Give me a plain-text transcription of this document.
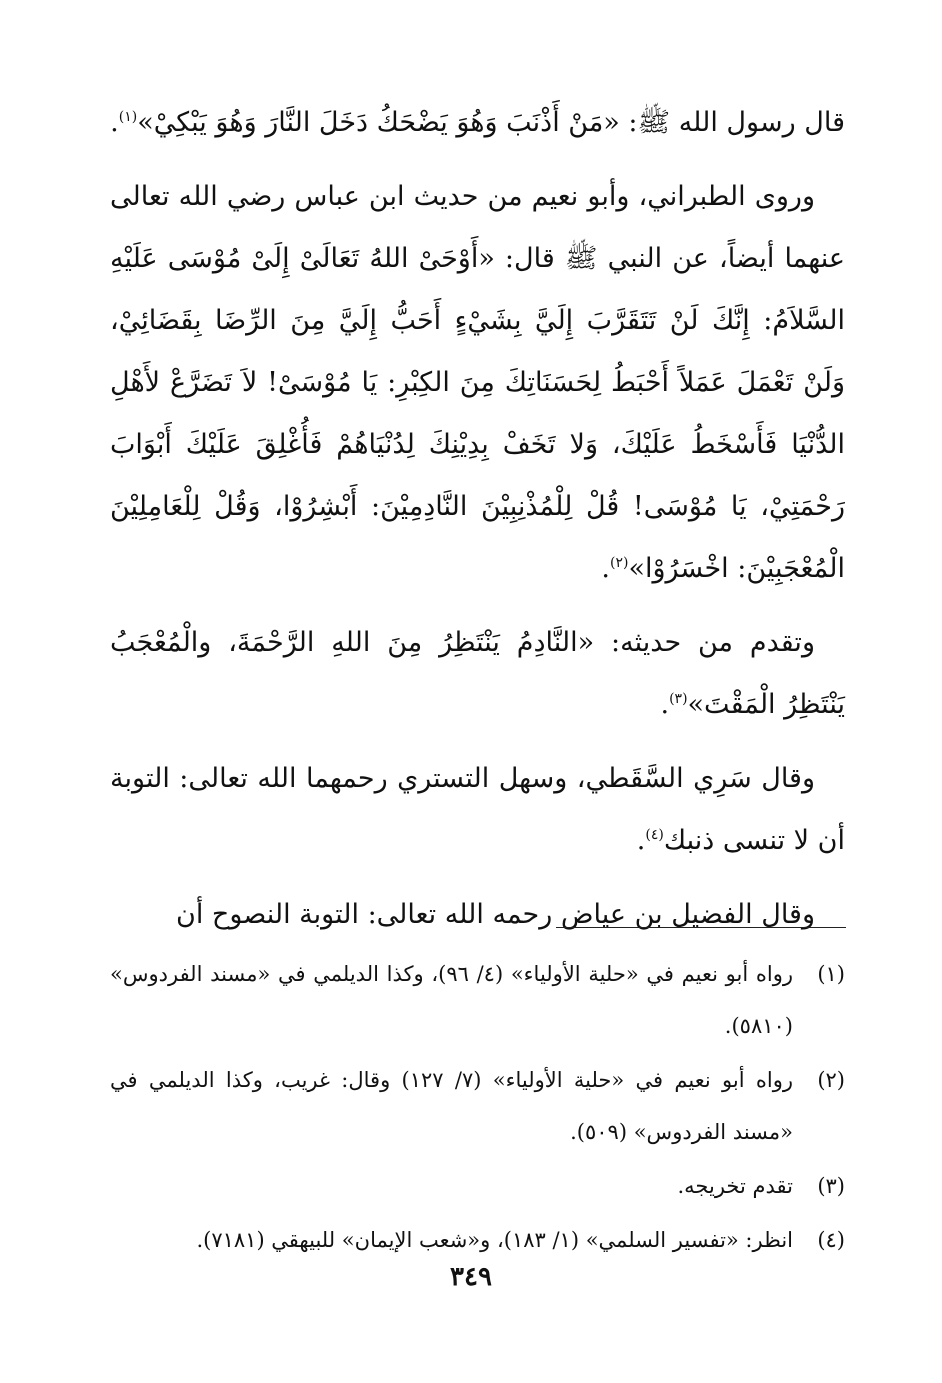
قال رسول الله ﷺ: «مَنْ أَذْنَبَ وَهُوَ يَضْحَكُ دَخَلَ النَّارَ وَهُوَ يَبْكِيْ»$^{(١)}$.

وروى الطبراني، وأبو نعيم من حديث ابن عباس رضي الله تعالى عنهما أيضاً، عن النبي ﷺ قال: «أَوْحَىْ اللهُ تَعَالَىْ إِلَىْ مُوْسَى عَلَيْهِ السَّلاَمُ: إِنَّكَ لَنْ تَتَقَرَّبَ إِلَيَّ بِشَيْءٍ أَحَبُّ إِلَيَّ مِنَ الرِّضَا بِقَضَائِيْ، وَلَنْ تَعْمَلَ عَمَلاً أَحْبَطُ لِحَسَنَاتِكَ مِنَ الكِبْرِ: يَا مُوْسَىْ! لاَ تَضَرَّعْ لأَهْلِ الدُّنْيَا فَأَسْخَطُ عَلَيْكَ، وَلا تَخَفْ بِدِيْنِكَ لِدُنْيَاهُمْ فَأُغْلِقَ عَلَيْكَ أَبْوَابَ رَحْمَتِيْ، يَا مُوْسَى! قُلْ لِلْمُذْنِبِيْنَ النَّادِمِيْنَ: أَبْشِرُوْا، وَقُلْ لِلْعَامِلِيْنَ الْمُعْجَبِيْنَ: اخْسَرُوْا»$^{(٢)}$.

وتقدم من حديثه: «النَّادِمُ يَنْتَظِرُ مِنَ اللهِ الرَّحْمَةَ، والْمُعْجَبُ يَنْتَظِرُ الْمَقْتَ»$^{(٣)}$.

وقال سَرِي السَّقَطي، وسهل التستري رحمهما الله تعالى: التوبة أن لا تنسى ذنبك$^{(٤)}$.

وقال الفضيل بن عياض رحمه الله تعالى: التوبة النصوح أن

(١)
رواه أبو نعيم في «حلية الأولياء» (٤/ ٩٦)، وكذا الديلمي في «مسند الفردوس» (٥٨١٠).
(٢)
رواه أبو نعيم في «حلية الأولياء» (٧/ ١٢٧) وقال: غريب، وكذا الديلمي في «مسند الفردوس» (٥٠٩).
(٣)
تقدم تخريجه.
(٤)
انظر: «تفسير السلمي» (١/ ١٨٣)، و«شعب الإيمان» للبيهقي (٧١٨١).
٣٤٩
